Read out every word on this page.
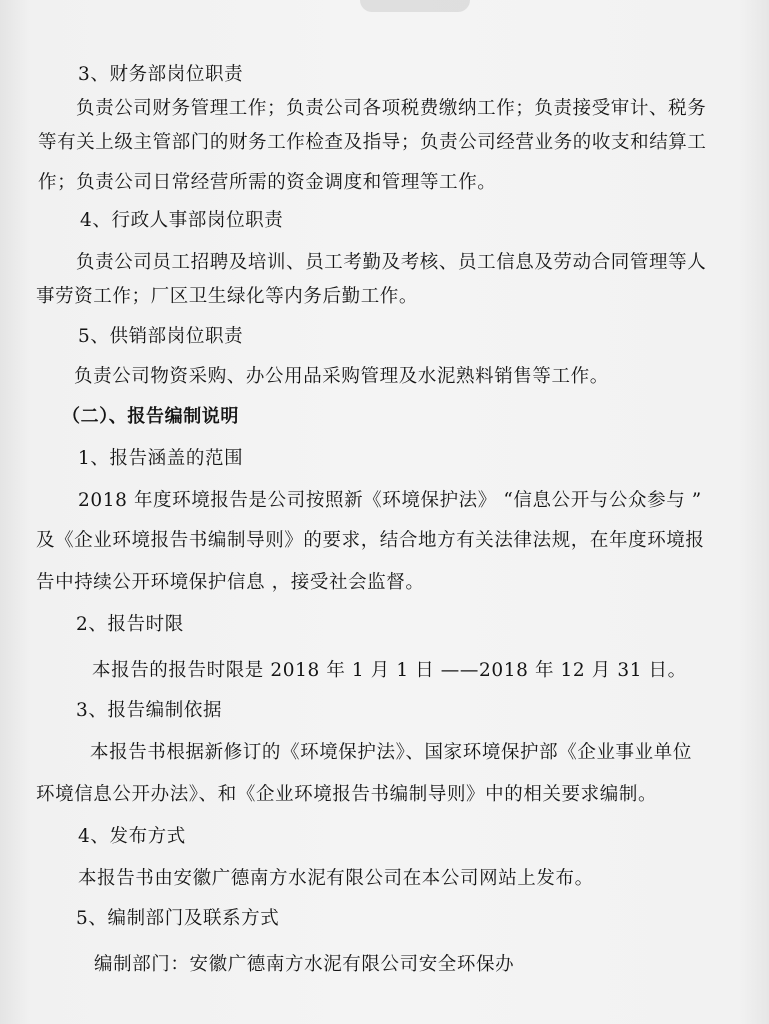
3、财务部岗位职责
负责公司财务管理工作；负责公司各项税费缴纳工作；负责接受审计、税务
等有关上级主管部门的财务工作检查及指导；负责公司经营业务的收支和结算工
作；负责公司日常经营所需的资金调度和管理等工作。
4、行政人事部岗位职责
负责公司员工招聘及培训、员工考勤及考核、员工信息及劳动合同管理等人
事劳资工作；厂区卫生绿化等内务后勤工作。
5、供销部岗位职责
负责公司物资采购、办公用品采购管理及水泥熟料销售等工作。
（二）、报告编制说明
1、报告涵盖的范围
2018 年度环境报告是公司按照新《环境保护法》 “信息公开与公众参与 ”
及《企业环境报告书编制导则》的要求，结合地方有关法律法规，在年度环境报
告中持续公开环境保护信息 ，接受社会监督。
2、报告时限
本报告的报告时限是 2018 年 1 月 1 日 ——2018 年 12 月 31 日。
3、报告编制依据
本报告书根据新修订的《环境保护法》、国家环境保护部《企业事业单位
环境信息公开办法》、和《企业环境报告书编制导则》中的相关要求编制。
4、发布方式
本报告书由安徽广德南方水泥有限公司在本公司网站上发布。
5、编制部门及联系方式
编制部门：安徽广德南方水泥有限公司安全环保办
